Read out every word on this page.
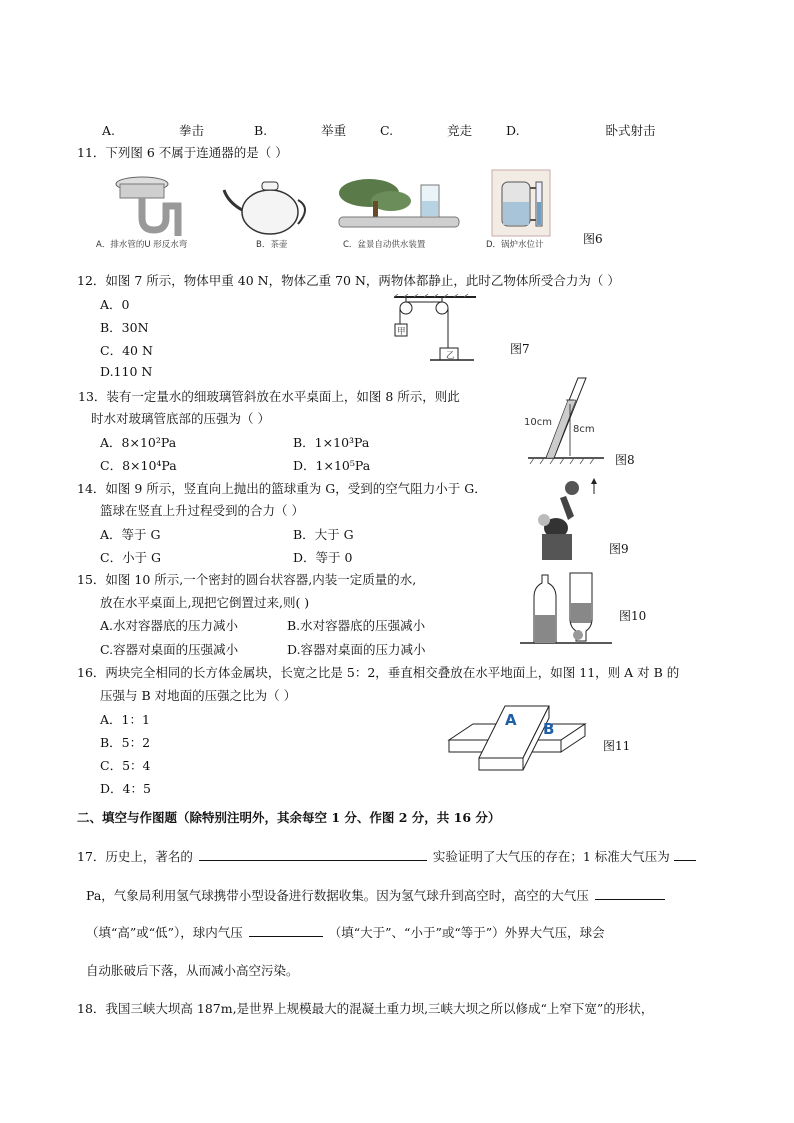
A.	拳击	B.	举重	C.	竞走	D.	卧式射击
11．下列图 6 不属于连通器的是（ ）
A．排水管的U 形反水弯	B．茶壶	C．盆景自动供水装置	D．锅炉水位计	图6
12．如图 7 所示，物体甲重 40 N，物体乙重 70 N，两物体都静止，此时乙物体所受合力为（ ）
A．0
B．30N
C．40 N
D.110 N
甲
乙	图7
13．装有一定量水的细玻璃管斜放在水平桌面上，如图 8 所示，则此
时水对玻璃管底部的压强为（ ）
A．8×10²Pa	B．1×10³Pa
C．8×10⁴Pa	D．1×10⁵Pa
10cm
8cm
图8
14．如图 9 所示，竖直向上抛出的篮球重为 G，受到的空气阻力小于 G．
篮球在竖直上升过程受到的合力（ ）
A．等于 G	B．大于 G
C．小于 G	D．等于 0
图9
15．如图 10 所示,一个密封的圆台状容器,内装一定质量的水,
放在水平桌面上,现把它倒置过来,则( )
A.水对容器底的压力减小	B.水对容器底的压强减小
C.容器对桌面的压强减小	D.容器对桌面的压力减小
图10
16．两块完全相同的长方体金属块，长宽之比是 5：2，垂直相交叠放在水平地面上，如图 11，则 A 对 B 的
压强与 B 对地面的压强之比为（ ）
A．1：1
B．5：2
C．5：4
D．4：5
A B
图11
二、填空与作图题（除特别注明外，其余每空 1 分、作图 2 分，共 16 分）
17．历史上，著名的	实验证明了大气压的存在；1 标准大气压为
Pa，气象局利用氢气球携带小型设备进行数据收集。因为氢气球升到高空时，高空的大气压
（填“高”或“低”），球内气压	（填“大于”、“小于”或“等于”）外界大气压，球会
自动胀破后下落，从而减小高空污染。
18．我国三峡大坝高 187m,是世界上规模最大的混凝土重力坝,三峡大坝之所以修成“上窄下宽”的形状，
